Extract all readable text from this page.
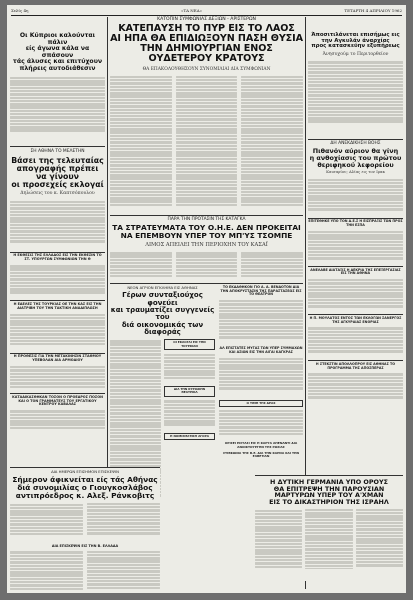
Σελίς 4η	«ΤΑ ΝΕΑ»	ΤΕΤΑΡΤΗ 4 ΑΠΡΙΛΙΟΥ 1962
Οι Κύπριοι καλούνται πάλιν
είς άγωνα κάλα να σπάσουν
τάς άλυσες και επιτύχουν
πλήρεις αυτοδιάθεσιν
ΣΗ ΑΘΗΝΑ ΤΟ ΜΕΛΕΤΗΝ
Βάσει της τελευταίας
απογραφής πρέπει να γίνουν
οι προσεχείς εκλογαί
Δηλώσεις του κ. Καπτσόπουλου
Η ΕΚΘΕΣΙΣ ΤΗΣ ΕΛΛΑΔΟΣ ΕΙΣ ΤΗΝ ΕΚΘΕΣΙΝ ΤΟ ΣΤ. ΥΠΟΥΡΓΩΝ ΣΥΜΦΩΝΙΩΝ ΤΗΝ Θ
Η ΕΔΕΛΕΣ ΤΗΣ ΤΟΥΡΚΙΑΣ ΟΕ ΤΗΝ ΚΑΣ ΕΙΣ ΤΗΝ ΔΙΑΤΡΙΒΗ ΤΟΥ ΤΗΝ ΤΑΚΤΙΚΗ ΑΝΑΔΙΠΛΩΣΗ
Η ΠΡΟΘΕΣΙΣ ΓΙΑ ΤΗΝ ΜΕΤΑΚΙΝΗΣΙΝ ΣΤΑΘΜΟΥ ΥΠΕΒΟΛΑΝ ΑΙΑ ΑΡΜΟΔΙΟΥ
ΚΑΤΑΔΙΚΑΣΘΗΚΑΝ ΤΟΣΟΝ Ο ΠΡΟΕΔΡΟΣ ΠΟΣΟΝ ΚΑΙ Ο ΤΟΝ ΓΡΑΜΜΑΤΕΥΣ ΤΟΥ ΕΡΓΑΤΙΚΟΥ ΚΕΝΤΡΟΥ ΚΑΒΑΛΑΣ
ΚΑΤΟΠΙΝ ΣΥΜΦΩΝΙΑΣ ΔΕΞΙΩΝ - ΑΡΙΣΤΕΡΩΝ
ΚΑΤΕΠΑΥΣΗ ΤΟ ΠΥΡ ΕΙΣ ΤΟ ΛΑΟΣ
ΑΙ ΗΠΑ ΘΑ ΕΠΙΔΙΩΞΟΥΝ ΠΑΣΗ ΘΥΣΙΑ
ΤΗΝ ΔΗΜΙΟΥΡΓΙΑΝ ΕΝΟΣ ΟΥΔΕΤΕΡΟΥ ΚΡΑΤΟΥΣ
ΘΑ ΕΠΑΚΟΛΟΥΘΗΣΟΥΝ ΣΥΝΟΜΙΛΙΑΙ ΔΙΑ ΣΥΜΦΩΝΙΑΝ
ΠΑΡΑ ΤΗΝ ΠΡΟΤΑΣΙΝ ΤΗΣ ΚΑΤΑΓΚΑ
ΤΑ ΣΤΡΑΤΕΥΜΑΤΑ ΤΟΥ Ο.Η.Ε. ΔΕΝ ΠΡΟΚΕΙΤΑΙ
ΝΑ ΕΠΕΜΒΟΥΝ ΥΠΕΡ ΤΟΥ ΜΠ'ΥΣ ΤΣΟΜΠΕ
ΛΙΜΟΣ ΑΠΕΙΛΕΙ ΤΗΝ ΠΕΡΙΟΧΗΝ ΤΟΥ ΚΑΣΑΪ
ΝΕΟΝ ΑΓΡΙΟΝ ΕΓΚΛΗΜΑ ΕΙΣ ΑΘΗΝΑΣ
Γέρων συνταξιούχος φονεύει
και τραυματίζει συγγενείς του
διά οικονομικάς των διαφοράς
ΟΙ ΕΚΛΟΓΑΙ ΕΙΣ ΤΗΝ ΤΟΥΡΚΙΑΝ
ΔΙΑ ΤΗΝ ΚΥΡΙΑΚΗΝ ΘΕΑΤΡΙΚΑ
Η ΝΟΜΙΣΜΑΤΙΚΗ ΑΓΟΡΑ
ΤΟ ΕΚΔΑΘΗΚΟΝ ΓΙΟ Α. Α. ΒΕΝΔΟΤΟΝ ΔΙΑ ΤΗΝ ΑΠΟΚΡΥΣΤΑΣΙΝ ΤΗΣ ΠΑΡΑΣΤΑΣΕΩΣ ΕΙΣ ΤΟ ΘΕΑΤΡΟΝ
ΑΛ ΕΠΙΣΤΑΤΕΣ ΜΥΓΑΣ ΤΩΝ ΥΠΕΡ ΣΥΜΜΑΧΩΝ ΚΑΙ ΑΣΙΩΝ ΕΙΣ ΤΗΝ ΑΙΓΑΙ ΚΑΓΚΡΑΣ
Ο ΤΙΜΗ ΤΗΣ ΔΡΑΧ
ΟΡΙΣΕΙ ΕΙΣΤΑΣΙ ΕΙΣ Η ΚΑΡΥΑ ΑΠΕΝΑΝΤΙ ΔΙΑ ΑΝΟΙΚΤΟΥΡΓΗΝ ΤΗΣ ΡΩΣΙΑΣ
ΣΥΜΦΩΝΙΑ ΤΗΣ Β.Ε. ΔΙΑ ΤΗΝ ΚΑΡΝΑ ΚΑΙ ΤΗΝ ΕΛΒΕΤΙΑΝ
Άποσιτιλάνεται επισήμως εις
την Αγκυλάν άναρχίας
προς κατασκεύην εξυπήρεως
Άνησυχούμ το Περιτορθείον
ΔΗ ΑΝΕΚΔΙΚΗΣΗ ΒΟΗΣ
Πιθανόν αύριον θα γίνη
η ανθοχίασις του πρώτου
θεριφηκού λεφορείου
Καισαρίου; Αλίας εις τον Ιρακ
ΕΠΙΤΕΘΗΚΕ ΥΠΟ ΤΟΝ Δ.Ε.Σ Η ΕΙΣΠΡΑΞΙΣ ΤΩΝ ΠΡΟΣ ΤΗΝ ΕΣΠΑ
ΑΝΕΛΑΒΕ ΔΙΑΤΑΞΙΣ Η ΔΕΚΡΙΑ ΤΗΣ ΕΠΕΞΕΡΓΑΣΙΑΣ ΕΙΣ ΤΗΝ ΑΘΗΝΑ
Η Π. ΜΟΥΛΑΤΟΣ ΕΝΤΟΣ ΤΩΝ ΕΚΛΟΓΩΝ ΣΑΝΕΡΓΟΣ ΤΗΣ ΑΓΚΥΡΑΙΑΣ ΕΝΟΡΙΑΣ
Η ΣΤΕΚΣΤΙΝ ΑΠΟΛΛΟΠΡΟΥ ΕΙΣ ΑΘΗΝΑΣ ΤΟ ΠΡΟΓΡΑΜΜΑ ΤΗΣ ΑΠΟΣΠΕΡΑΣ
ΔΙΑ ΗΜΕΡΩΝ ΕΠΙΣΗΜΟΝ ΕΠΙΣΚΕΨΙΝ
Σήμερον άφικνείται είς τάς Αθήνας
διά συνομιλίας ο Γιουγκοσλάβος
αντιπρόεδρος κ. Αλεξ. Ράνκοβιτς
ΔΙΑ ΕΠΙΣΚΕΨΙΝ ΕΙΣ ΤΗΝ Β. ΕΛΛΑΔΑ
Η ΔΥΤΙΚΗ ΓΕΡΜΑΝΙΑ ΥΠΟ ΟΡΟΥΣ
ΘΑ ΕΠΙΤΡΕΨΗ ΤΗΝ ΠΑΡΟΥΣΙΑΝ
ΜΑΡΤΥΡΩΝ ΥΠΕΡ ΤΟΥ Α'ΧΜΑΝ
ΕΙΣ ΤΟ ΔΙΚΑΣΤΗΡΙΟΝ ΤΗΣ ΙΣΡΑΗΛ
